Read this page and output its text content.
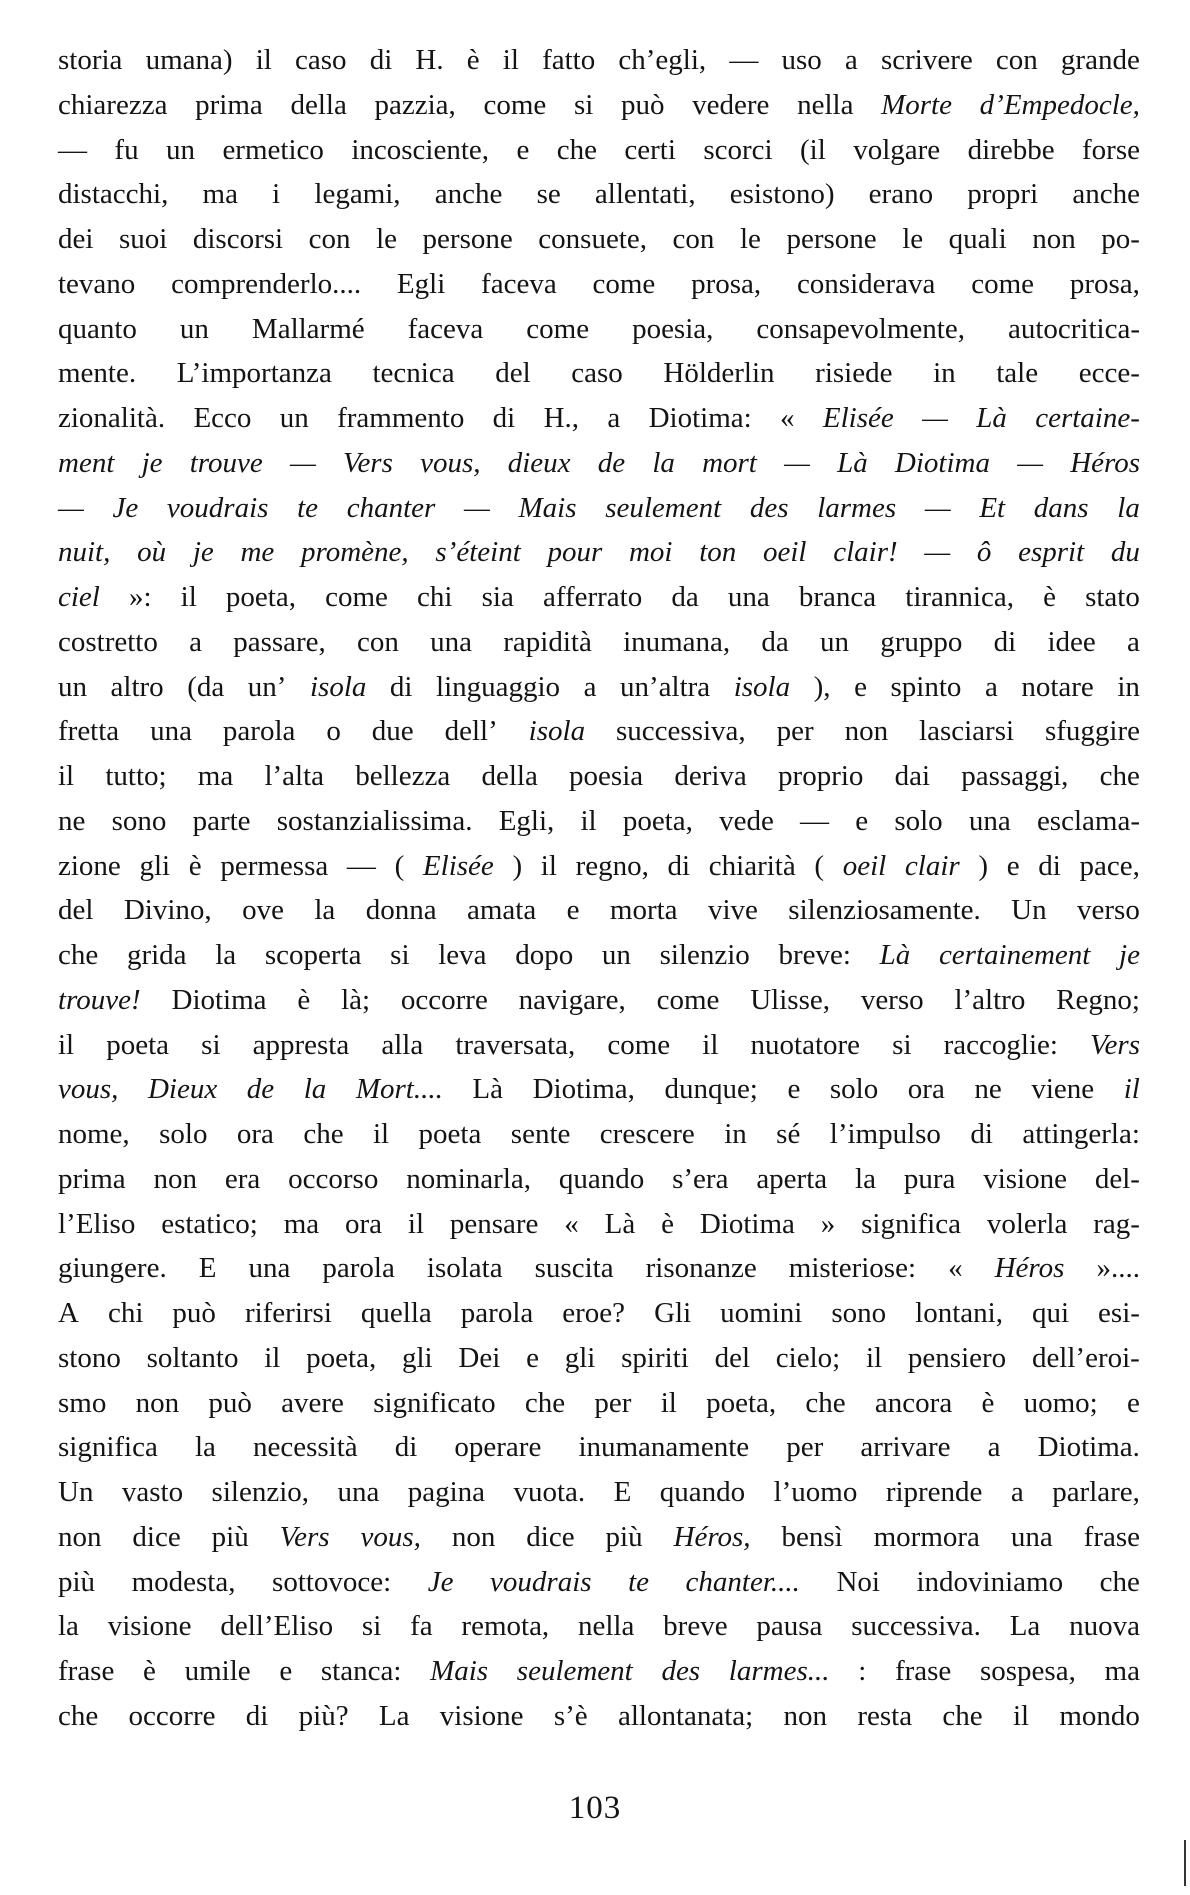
storia umana) il caso di H. è il fatto ch’egli, — uso a scrivere con grande
chiarezza prima della pazzia, come si può vedere nella Morte d’Empedocle,
— fu un ermetico incosciente, e che certi scorci (il volgare direbbe forse
distacchi, ma i legami, anche se allentati, esistono) erano propri anche
dei suoi discorsi con le persone consuete, con le persone le quali non po-
tevano comprenderlo.... Egli faceva come prosa, considerava come prosa,
quanto un Mallarmé faceva come poesia, consapevolmente, autocritica-
mente. L’importanza tecnica del caso Hölderlin risiede in tale ecce-
zionalità. Ecco un frammento di H., a Diotima: « Elisée — Là certaine-
ment je trouve — Vers vous, dieux de la mort — Là Diotima — Héros
— Je voudrais te chanter — Mais seulement des larmes — Et dans la
nuit, où je me promène, s’éteint pour moi ton oeil clair! — ô esprit du
ciel »: il poeta, come chi sia afferrato da una branca tirannica, è stato
costretto a passare, con una rapidità inumana, da un gruppo di idee a
un altro (da un’ isola di linguaggio a un’altra isola ), e spinto a notare in
fretta una parola o due dell’ isola successiva, per non lasciarsi sfuggire
il tutto; ma l’alta bellezza della poesia deriva proprio dai passaggi, che
ne sono parte sostanzialissima. Egli, il poeta, vede — e solo una esclama-
zione gli è permessa — ( Elisée ) il regno, di chiarità ( oeil clair ) e di pace,
del Divino, ove la donna amata e morta vive silenziosamente. Un verso
che grida la scoperta si leva dopo un silenzio breve: Là certainement je
trouve! Diotima è là; occorre navigare, come Ulisse, verso l’altro Regno;
il poeta si appresta alla traversata, come il nuotatore si raccoglie: Vers
vous, Dieux de la Mort.... Là Diotima, dunque; e solo ora ne viene il
nome, solo ora che il poeta sente crescere in sé l’impulso di attingerla:
prima non era occorso nominarla, quando s’era aperta la pura visione del-
l’Eliso estatico; ma ora il pensare « Là è Diotima » significa volerla rag-
giungere. E una parola isolata suscita risonanze misteriose: « Héros »....
A chi può riferirsi quella parola eroe? Gli uomini sono lontani, qui esi-
stono soltanto il poeta, gli Dei e gli spiriti del cielo; il pensiero dell’eroi-
smo non può avere significato che per il poeta, che ancora è uomo; e
significa la necessità di operare inumanamente per arrivare a Diotima.
Un vasto silenzio, una pagina vuota. E quando l’uomo riprende a parlare,
non dice più Vers vous, non dice più Héros, bensì mormora una frase
più modesta, sottovoce: Je voudrais te chanter.... Noi indoviniamo che
la visione dell’Eliso si fa remota, nella breve pausa successiva. La nuova
frase è umile e stanca: Mais seulement des larmes... : frase sospesa, ma
che occorre di più? La visione s’è allontanata; non resta che il mondo
103
